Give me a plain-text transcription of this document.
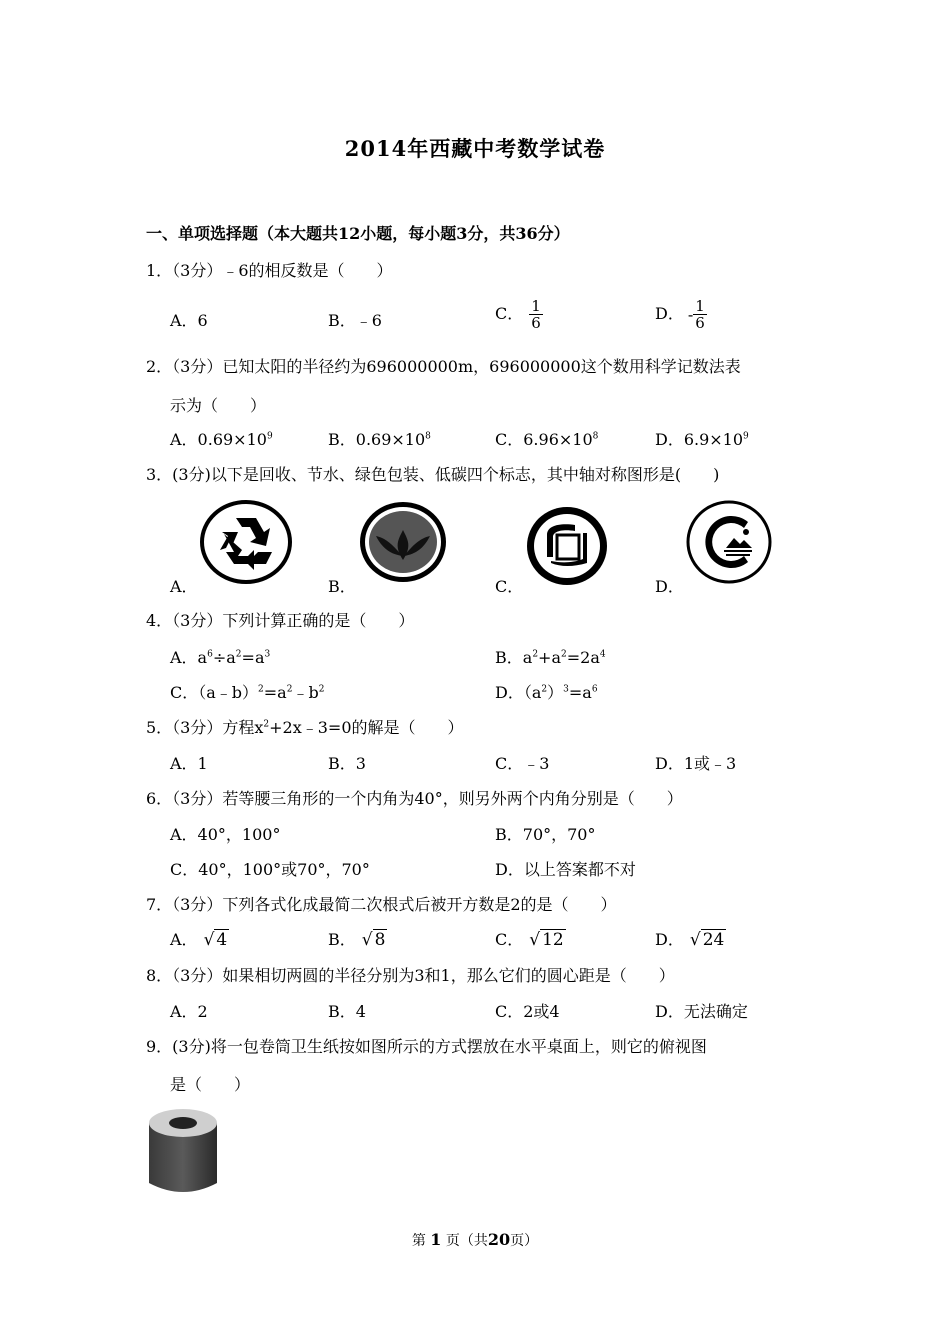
2014年西藏中考数学试卷
一、单项选择题（本大题共12小题，每小题3分，共36分）
1．（3分）﹣6的相反数是（　　）
A．6	B．﹣6	C． $\frac{1}{6}$	D． - $\frac{1}{6}$
2．（3分）已知太阳的半径约为696000000m，696000000这个数用科学记数法表
示为（　　）
A．$0.69\times 10^9$	B．$0.69\times 10^8$	C．$6.96\times 10^8$	D．$6.9\times 10^9$
3．(3分)以下是回收、节水、绿色包装、低碳四个标志，其中轴对称图形是(　　)
A．	B．	C．	D．
4．（3分）下列计算正确的是（　　）
A．$a^6\div a^2=a^3$	B．$a^2+a^2=2a^4$
C．$(a﹣b)^2=a^2﹣b^2$	D．$(a^2)^3=a^6$
5．（3分）方程$x^2+2x﹣3=0$的解是（　　）
A．1	B．3	C．﹣3	D．1或﹣3
6．（3分）若等腰三角形的一个内角为40°，则另外两个内角分别是（　　）
A．40°，100°	B．70°，70°
C．40°，100°或70°，70°	D．以上答案都不对
7．（3分）下列各式化成最简二次根式后被开方数是2的是（　　）
A． √ 4	B． √ 8	C． √ 12	D． √ 24
8．（3分）如果相切两圆的半径分别为3和1，那么它们的圆心距是（　　）
A．2	B．4	C．2或4	D．无法确定
9．(3分)将一包卷筒卫生纸按如图所示的方式摆放在水平桌面上，则它的俯视图
是（　　）
第 1 页（共20页）
